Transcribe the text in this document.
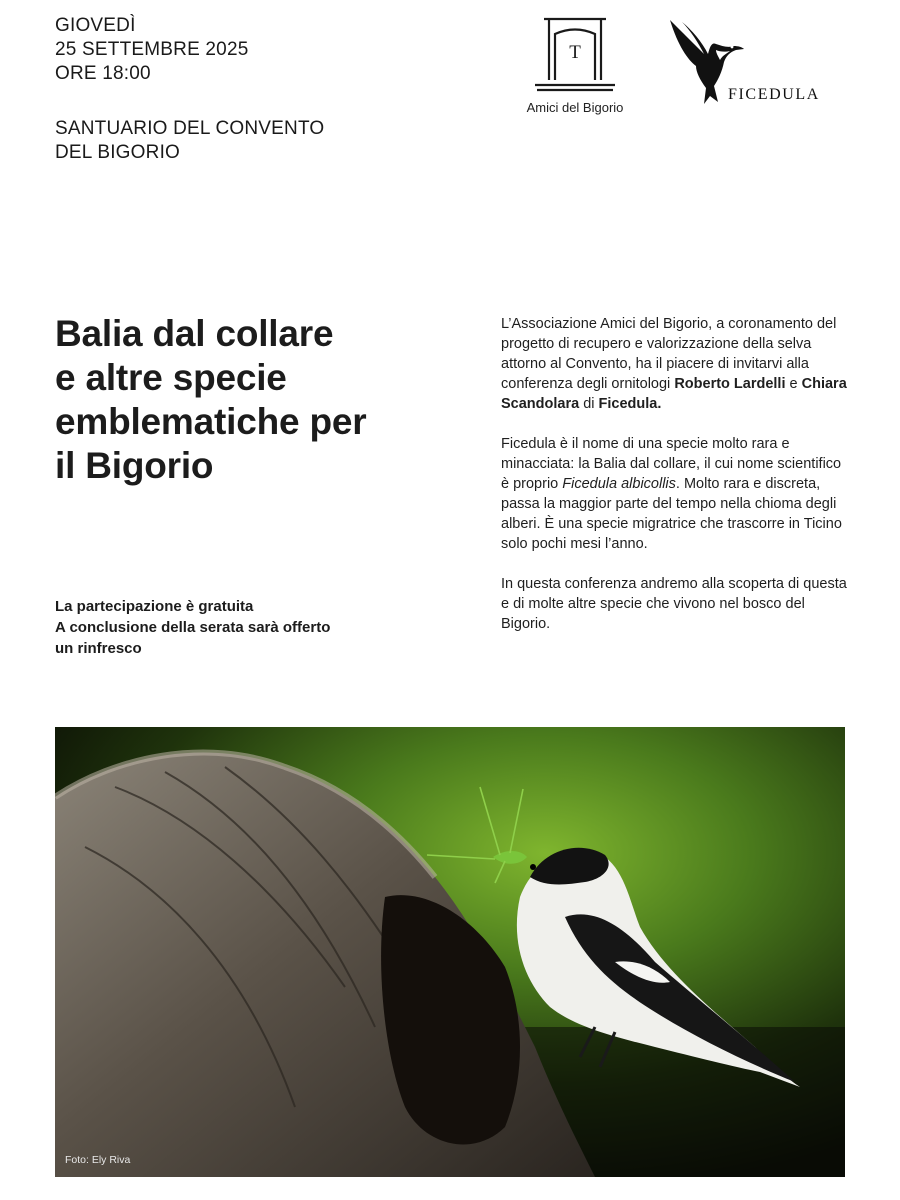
GIOVEDÌ
25 SETTEMBRE 2025
ORE 18:00
SANTUARIO DEL CONVENTO
DEL BIGORIO
T
Amici del Bigorio
FICEDULA
Balia dal collare
e altre specie
emblematiche per
il Bigorio
La partecipazione è gratuita
A conclusione della serata sarà offerto
un rinfresco

L’Associazione Amici del Bigorio, a coronamento del progetto di recupero e valorizzazione della selva attorno al Convento, ha il piacere di invitarvi alla conferenza degli ornitologi Roberto Lardelli e Chiara Scandolara di Ficedula.

Ficedula è il nome di una specie molto rara e minacciata: la Balia dal collare, il cui nome scientifico è proprio Ficedula albicollis. Molto rara e discreta, passa la maggior parte del tempo nella chioma degli alberi. È una specie migratrice che trascorre in Ticino solo pochi mesi l’anno.

In questa conferenza andremo alla scoperta di questa e di molte altre specie che vivono nel bosco del Bigorio.

Foto: Ely Riva
